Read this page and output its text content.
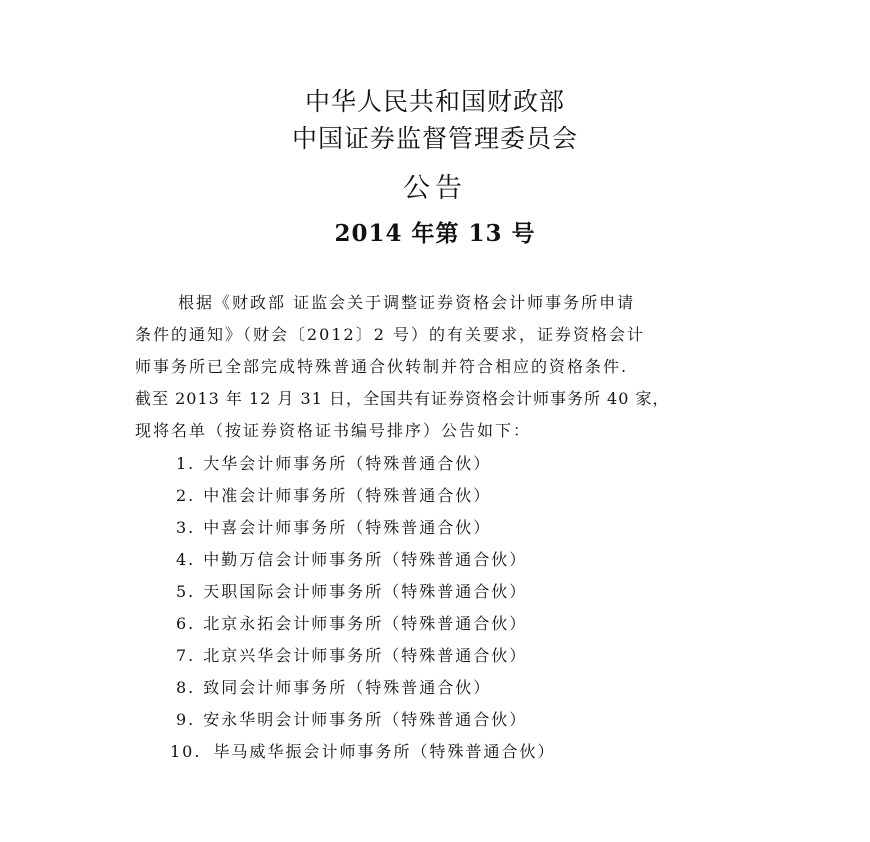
中华人民共和国财政部
中国证券监督管理委员会
公告
2014 年第 13 号
根据《财政部 证监会关于调整证券资格会计师事务所申请
条件的通知》（财会〔2012〕2 号）的有关要求，证券资格会计
师事务所已全部完成特殊普通合伙转制并符合相应的资格条件.
截至 2013 年 12 月 31 日，全国共有证券资格会计师事务所 40 家，
现将名单（按证券资格证书编号排序）公告如下：
1. 大华会计师事务所（特殊普通合伙）
2. 中准会计师事务所（特殊普通合伙）
3. 中喜会计师事务所（特殊普通合伙）
4. 中勤万信会计师事务所（特殊普通合伙）
5. 天职国际会计师事务所（特殊普通合伙）
6. 北京永拓会计师事务所（特殊普通合伙）
7. 北京兴华会计师事务所（特殊普通合伙）
8. 致同会计师事务所（特殊普通合伙）
9. 安永华明会计师事务所（特殊普通合伙）
10. 毕马威华振会计师事务所（特殊普通合伙）
